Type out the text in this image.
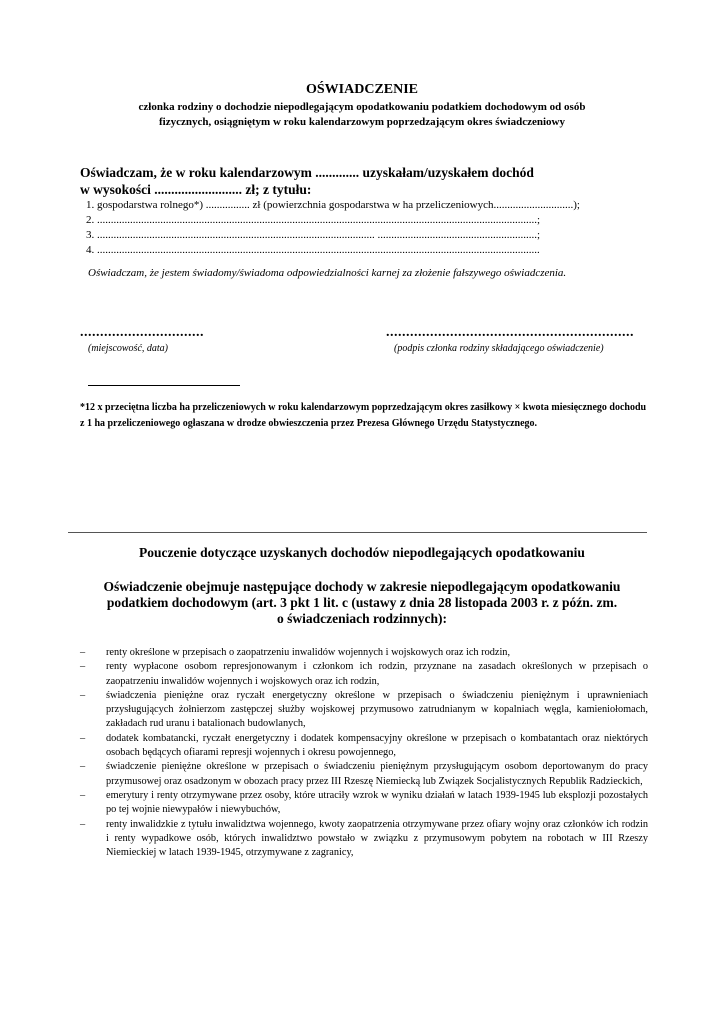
OŚWIADCZENIE
członka rodziny o dochodzie niepodlegającym opodatkowaniu podatkiem dochodowym od osób
fizycznych, osiągniętym w roku kalendarzowym poprzedzającym okres świadczeniowy
Oświadczam, że w roku kalendarzowym ............. uzyskałam/uzyskałem dochód
w wysokości .......................... zł; z tytułu:
1. gospodarstwa rolnego*) ................ zł (powierzchnia gospodarstwa w ha przeliczeniowych.............................);
2. ................................................................................................................................................................;
3. ..................................................................................................... ..........................................................;
4. .................................................................................................................................................................
Oświadczam, że jestem świadomy/świadoma odpowiedzialności karnej za złożenie fałszywego oświadczenia.
...............................
(miejscowość, data)
..............................................................
(podpis członka rodziny składającego oświadczenie)
*12 x przeciętna liczba ha przeliczeniowych w roku kalendarzowym poprzedzającym okres zasiłkowy × kwota miesięcznego dochodu z 1 ha przeliczeniowego ogłaszana w drodze obwieszczenia przez Prezesa Głównego Urzędu Statystycznego.
Pouczenie dotyczące uzyskanych dochodów niepodlegających opodatkowaniu
Oświadczenie obejmuje następujące dochody w zakresie niepodlegającym opodatkowaniu
podatkiem dochodowym (art. 3 pkt 1 lit. c (ustawy z dnia 28 listopada 2003 r. z późn. zm.
o świadczeniach rodzinnych):
– renty określone w przepisach o zaopatrzeniu inwalidów wojennych i wojskowych oraz ich rodzin,
– renty wypłacone osobom represjonowanym i członkom ich rodzin, przyznane na zasadach określonych w przepisach o zaopatrzeniu inwalidów wojennych i wojskowych oraz ich rodzin,
– świadczenia pieniężne oraz ryczałt energetyczny określone w przepisach o świadczeniu pieniężnym i uprawnieniach przysługujących żołnierzom zastępczej służby wojskowej przymusowo zatrudnianym w kopalniach węgla, kamieniołomach, zakładach rud uranu i batalionach budowlanych,
– dodatek kombatancki, ryczałt energetyczny i dodatek kompensacyjny określone w przepisach o kombatantach oraz niektórych osobach będących ofiarami represji wojennych i okresu powojennego,
– świadczenie pieniężne określone w przepisach o świadczeniu pieniężnym przysługującym osobom deportowanym do pracy przymusowej oraz osadzonym w obozach pracy przez III Rzeszę Niemiecką lub Związek Socjalistycznych Republik Radzieckich,
– emerytury i renty otrzymywane przez osoby, które utraciły wzrok w wyniku działań w latach 1939-1945 lub eksplozji pozostałych po tej wojnie niewypałów i niewybuchów,
– renty inwalidzkie z tytułu inwalidztwa wojennego, kwoty zaopatrzenia otrzymywane przez ofiary wojny oraz członków ich rodzin i renty wypadkowe osób, których inwalidztwo powstało w związku z przymusowym pobytem na robotach w III Rzeszy Niemieckiej w latach 1939-1945, otrzymywane z zagranicy,
